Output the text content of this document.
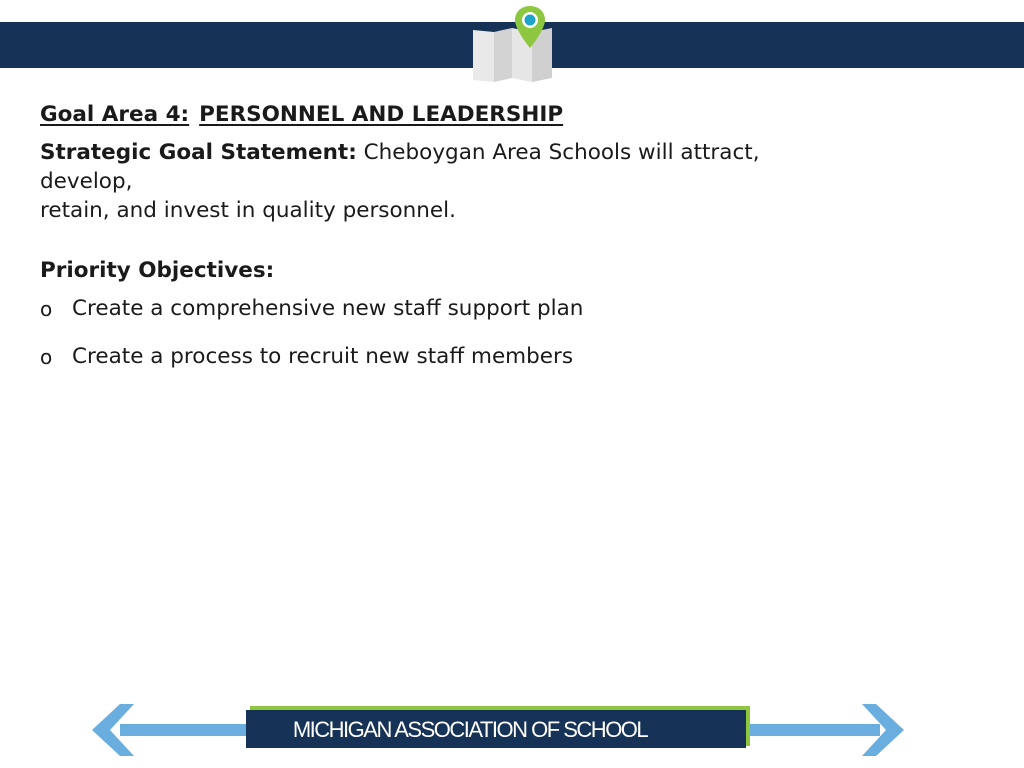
Goal Area 4: PERSONNEL AND LEADERSHIP

Strategic Goal Statement: Cheboygan Area Schools will attract, develop,
retain, and invest in quality personnel.

Priority Objectives:

o Create a comprehensive new staff support plan
o Create a process to recruit new staff members
MICHIGAN ASSOCIATION OF SCHOOL
